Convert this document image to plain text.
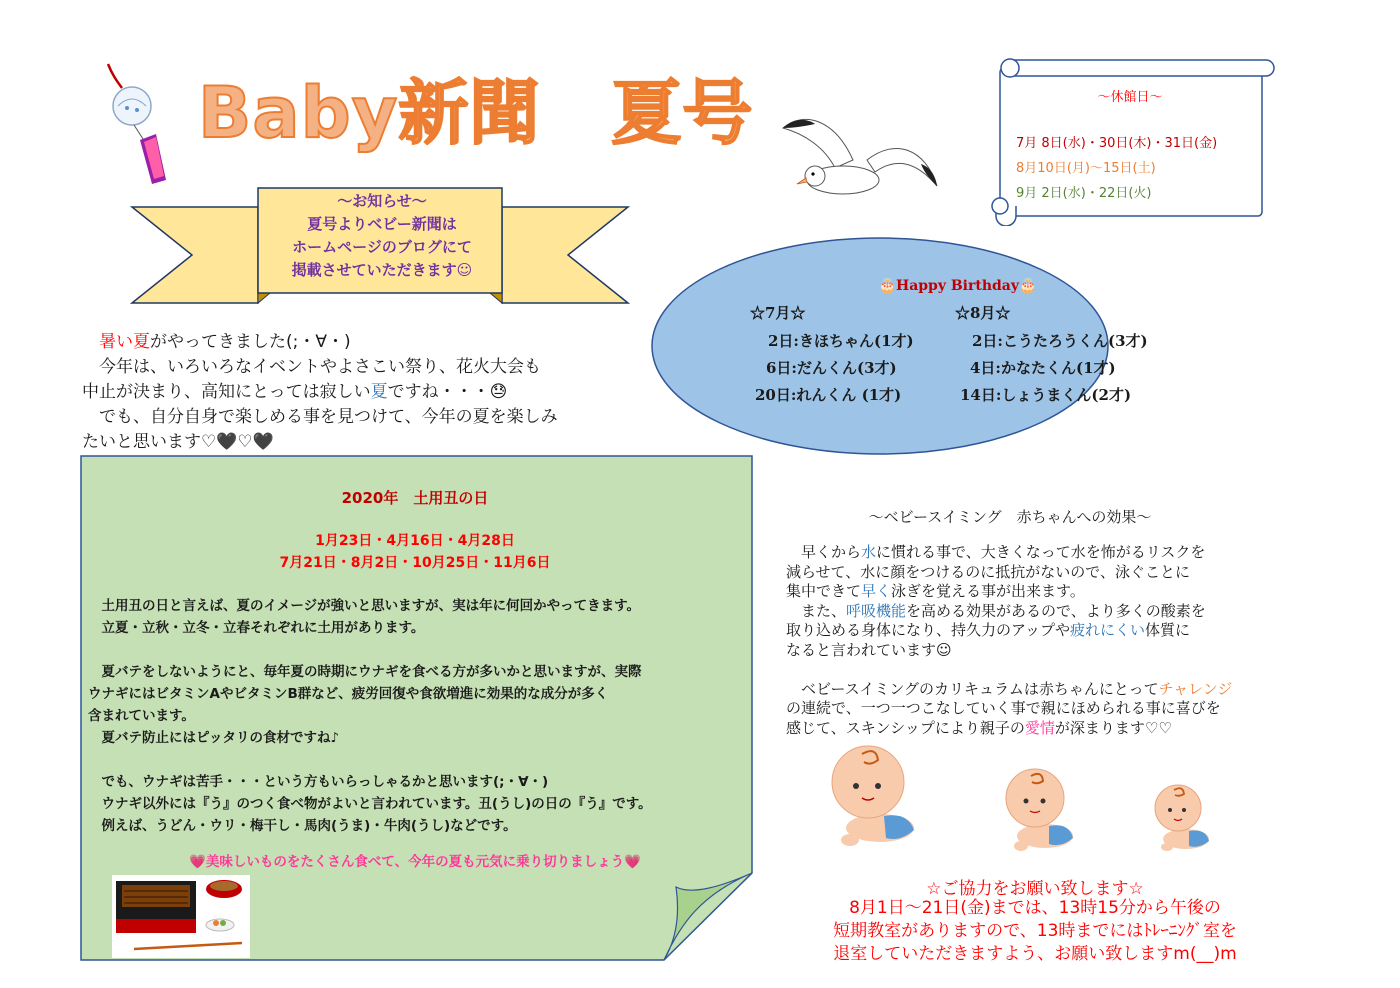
Baby新聞　夏号	～休館日～
7月 8日(水)・30日(木)・31日(金)
8月10日(月)～15日(土)
9月 2日(水)・22日(火)
～お知らせ～
夏号よりベビー新聞は
ホームページのブログにて
掲載させていただきます☺
🎂Happy Birthday🎂
☆7月☆
2日:きほちゃん(1才)
6日:だんくん(3才)
20日:れんくん (1才)
☆8月☆
2日:こうたろうくん(3才)
4日:かなたくん(1才)
14日:しょうまくん(2才)

　暑い夏がやってきました(;・∀・)

　今年は、いろいろなイベントやよさこい祭り、花火大会も

中止が決まり、高知にとっては寂しい夏ですね・・・😓

　でも、自分自身で楽しめる事を見つけて、今年の夏を楽しみ

たいと思います♡🖤♡🖤

2020年　土用丑の日
1月23日・4月16日・4月28日
7月21日・8月2日・10月25日・11月6日

　土用丑の日と言えば、夏のイメージが強いと思いますが、実は年に何回かやってきます。

　立夏・立秋・立冬・立春それぞれに土用があります。

　夏バテをしないようにと、毎年夏の時期にウナギを食べる方が多いかと思いますが、実際

ウナギにはビタミンAやビタミンB群など、疲労回復や食欲増進に効果的な成分が多く

含まれています。

　夏バテ防止にはピッタリの食材ですね♪

　でも、ウナギは苦手・・・という方もいらっしゃるかと思います(;・∀・)

　ウナギ以外には『う』のつく食べ物がよいと言われています。丑(うし)の日の『う』です。

　例えば、うどん・ウリ・梅干し・馬肉(うま)・牛肉(うし)などです。

💗美味しいものをたくさん食べて、今年の夏も元気に乗り切りましょう💗
～ベビースイミング　赤ちゃんへの効果～

　早くから水に慣れる事で、大きくなって水を怖がるリスクを

減らせて、水に顔をつけるのに抵抗がないので、泳ぐことに

集中できて早く泳ぎを覚える事が出来ます。

　また、呼吸機能を高める効果があるので、より多くの酸素を

取り込める身体になり、持久力のアップや疲れにくい体質に

なると言われています☺

　ベビースイミングのカリキュラムは赤ちゃんにとってチャレンジ

の連続で、一つ一つこなしていく事で親にほめられる事に喜びを

感じて、スキンシップにより親子の愛情が深まります♡♡

☆ご協力をお願い致します☆

8月1日～21日(金)までは、13時15分から午後の

短期教室がありますので、13時までにはﾄﾚｰﾆﾝｸﾞ室を

退室していただきますよう、お願い致しますm(__)m
